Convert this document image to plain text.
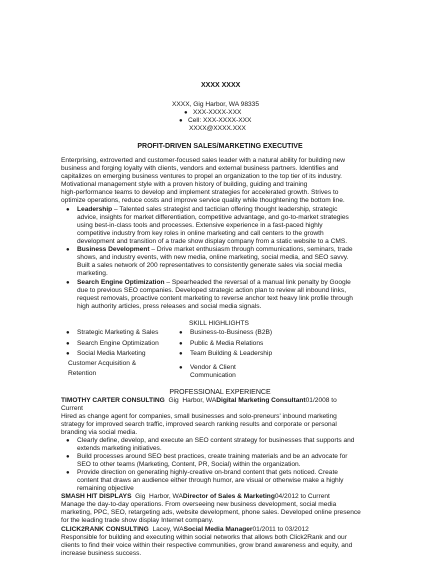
XXXX XXXX
XXXX, Gig Harbor, WA 98335
● XXX-XXXX-XXX
● Cell: XXX-XXXX-XXX
XXXX@XXXX.XXX
PROFIT-DRIVEN SALES/MARKETING EXECUTIVE
Enterprising, extroverted and customer-focused sales leader with a natural ability for building new
business and forging loyalty with clients, vendors and external business partners. Identifies and
capitalizes on emerging business ventures to propel an organization to the top tier of its industry.
Motivational management style with a proven history of building, guiding and training
high-performance teams to develop and implement strategies for accelerated growth. Strives to
optimize operations, reduce costs and improve service quality while thoughtening the bottom line.
● Leadership – Talented sales strategist and tactician offering thought leadership, strategic
advice, insights for market differentiation, competitive advantage, and go-to-market strategies
using best-in-class tools and processes. Extensive experience in a fast-paced highly
competitive industry from key roles in online marketing and call centers to the growth
development and transition of a trade show display company from a static website to a CMS.
● Business Development – Drive market enthusiasm through communications, seminars, trade
shows, and industry events, with new media, online marketing, social media, and SEO savvy.
Built a sales network of 200 representatives to consistently generate sales via social media
marketing.
● Search Engine Optimization – Spearheaded the reversal of a manual link penalty by Google
due to previous SEO companies. Developed strategic action plan to review all inbound links,
request removals, proactive content marketing to reverse anchor text heavy link profile through
high authority articles, press releases and social media signals.
SKILL HIGHLIGHTS
● Strategic Marketing & Sales
● Search Engine Optimization
● Social Media Marketing
Customer Acquisition &
Retention
● Business-to-Business (B2B)
● Public & Media Relations
● Team Building & Leadership
● Vendor & Client
Communication
PROFESSIONAL EXPERIENCE
TIMOTHY CARTER CONSULTING  Gig  Harbor, WADigital Marketing Consultant01/2008 to
Current
Hired as change agent for companies, small businesses and solo-preneurs' inbound marketing
strategy for improved search traffic, improved search ranking results and corporate or personal
branding via social media.
● Clearly define, develop, and execute an SEO content strategy for businesses that supports and
extends marketing initiatives.
● Build processes around SEO best practices, create training materials and be an advocate for
SEO to other teams (Marketing, Content, PR, Social) within the organization.
● Provide direction on generating highly-creative on-brand content that gets noticed. Create
content that draws an audience either through humor, are visual or otherwise make a highly
remaining objective
SMASH HIT DISPLAYS  Gig  Harbor, WADirector of Sales & Marketing04/2012 to Current
Manage the day-to-day operations. From overseeing new business development, social media
marketing, PPC, SEO, retargeting ads, website development, phone sales. Developed online presence
for the leading trade show display Internet company.
CLICK2RANK CONSULTING  Lacey, WASocial Media Manager01/2011 to 03/2012
Responsible for building and executing within social networks that allows both Click2Rank and our
clients to find their voice within their respective communities, grow brand awareness and equity, and
increase business success.
